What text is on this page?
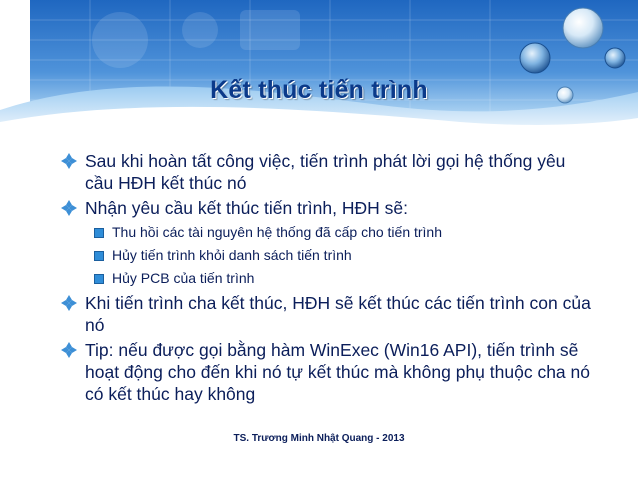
Kết thúc tiến trình
Sau khi hoàn tất công việc, tiến trình phát lời gọi hệ thống yêu cầu HĐH kết thúc nó
Nhận yêu cầu kết thúc tiến trình, HĐH sẽ:
Thu hồi các tài nguyên hệ thống đã cấp cho tiến trình
Hủy tiến trình khỏi danh sách tiến trình
Hủy PCB của tiến trình
Khi tiến trình cha kết thúc, HĐH sẽ kết thúc các tiến trình con của nó
Tip: nếu được gọi bằng hàm WinExec (Win16 API), tiến trình sẽ hoạt động cho đến khi nó tự kết thúc mà không phụ thuộc cha nó có kết thúc hay không
TS. Trương Minh Nhật Quang - 2013
